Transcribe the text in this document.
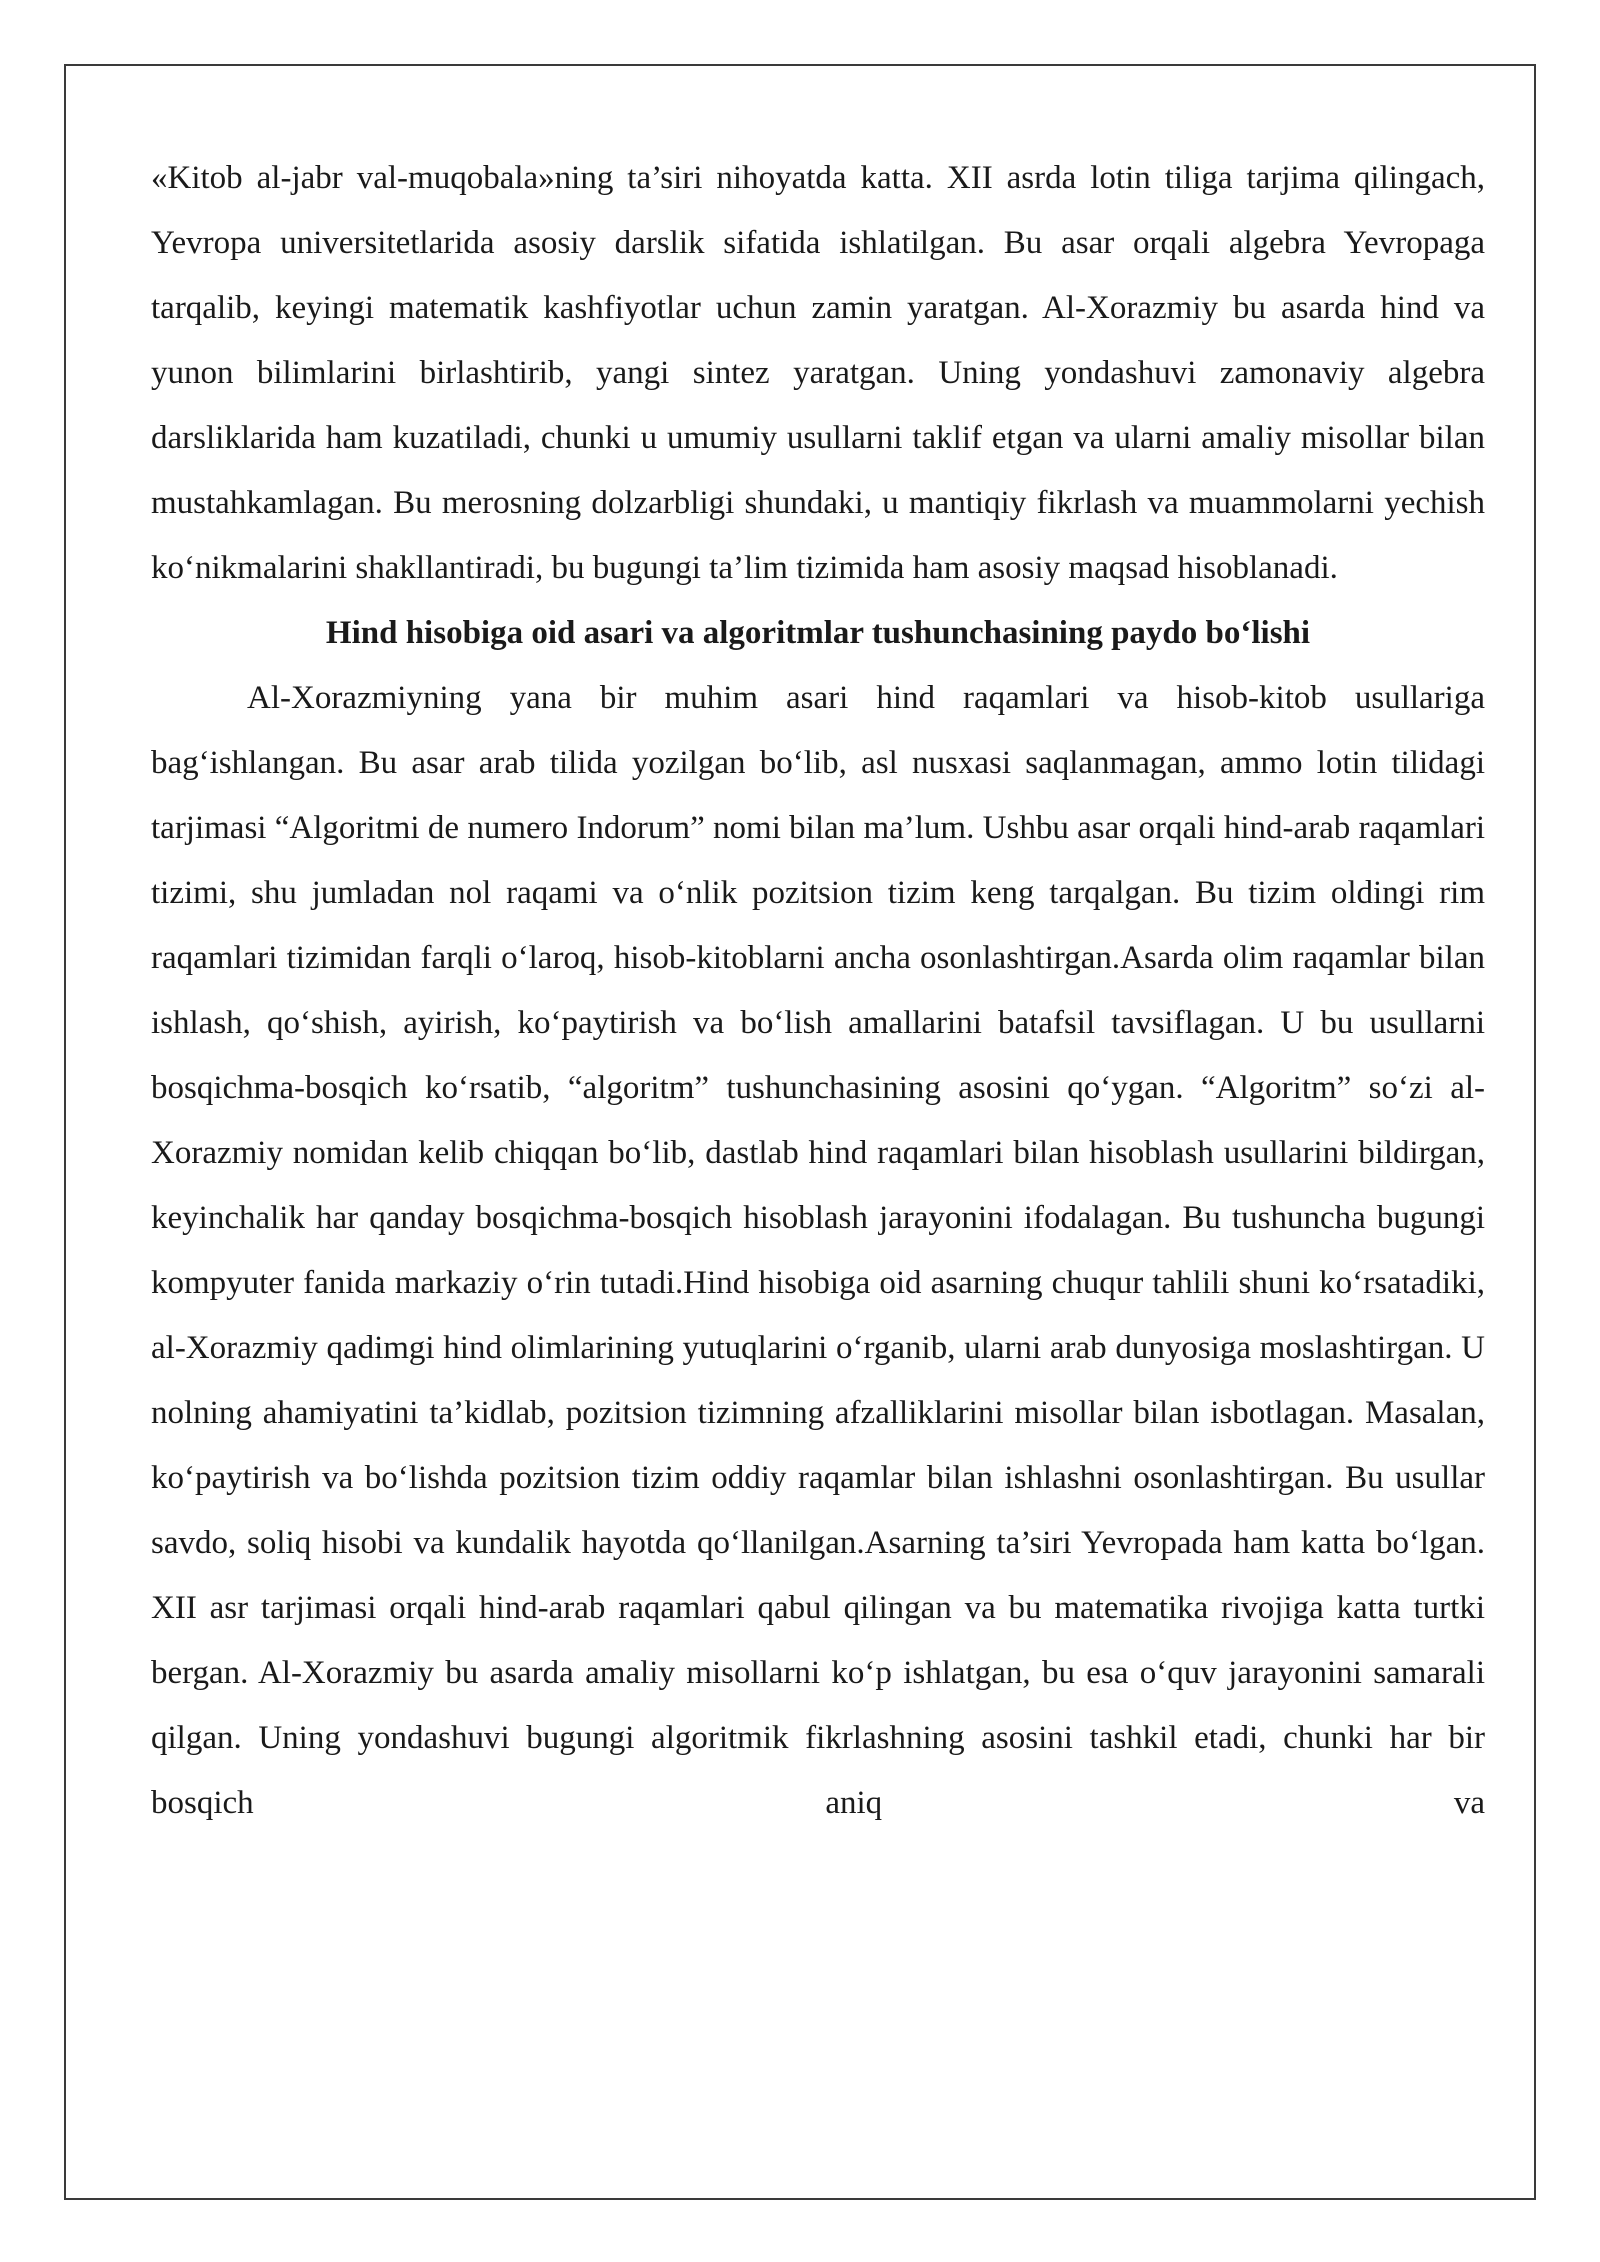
«Kitob al-jabr val-muqobala»ning ta’siri nihoyatda katta. XII asrda lotin tiliga tarjima qilingach, Yevropa universitetlarida asosiy darslik sifatida ishlatilgan. Bu asar orqali algebra Yevropaga tarqalib, keyingi matematik kashfiyotlar uchun zamin yaratgan. Al-Xorazmiy bu asarda hind va yunon bilimlarini birlashtirib, yangi sintez yaratgan. Uning yondashuvi zamonaviy algebra darsliklarida ham kuzatiladi, chunki u umumiy usullarni taklif etgan va ularni amaliy misollar bilan mustahkamlagan. Bu merosning dolzarbligi shundaki, u mantiqiy fikrlash va muammolarni yechish ko‘nikmalarini shakllantiradi, bu bugungi ta’lim tizimida ham asosiy maqsad hisoblanadi.

Hind hisobiga oid asari va algoritmlar tushunchasining paydo bo‘lishi

Al-Xorazmiyning yana bir muhim asari hind raqamlari va hisob-kitob usullariga bag‘ishlangan. Bu asar arab tilida yozilgan bo‘lib, asl nusxasi saqlanmagan, ammo lotin tilidagi tarjimasi “Algoritmi de numero Indorum” nomi bilan ma’lum. Ushbu asar orqali hind-arab raqamlari tizimi, shu jumladan nol raqami va o‘nlik pozitsion tizim keng tarqalgan. Bu tizim oldingi rim raqamlari tizimidan farqli o‘laroq, hisob-kitoblarni ancha osonlashtirgan.Asarda olim raqamlar bilan ishlash, qo‘shish, ayirish, ko‘paytirish va bo‘lish amallarini batafsil tavsiflagan. U bu usullarni bosqichma-bosqich ko‘rsatib, “algoritm” tushunchasining asosini qo‘ygan. “Algoritm” so‘zi al-Xorazmiy nomidan kelib chiqqan bo‘lib, dastlab hind raqamlari bilan hisoblash usullarini bildirgan, keyinchalik har qanday bosqichma-bosqich hisoblash jarayonini ifodalagan. Bu tushuncha bugungi kompyuter fanida markaziy o‘rin tutadi.Hind hisobiga oid asarning chuqur tahlili shuni ko‘rsatadiki, al-Xorazmiy qadimgi hind olimlarining yutuqlarini o‘rganib, ularni arab dunyosiga moslashtirgan. U nolning ahamiyatini ta’kidlab, pozitsion tizimning afzalliklarini misollar bilan isbotlagan. Masalan, ko‘paytirish va bo‘lishda pozitsion tizim oddiy raqamlar bilan ishlashni osonlashtirgan. Bu usullar savdo, soliq hisobi va kundalik hayotda qo‘llanilgan.Asarning ta’siri Yevropada ham katta bo‘lgan. XII asr tarjimasi orqali hind-arab raqamlari qabul qilingan va bu matematika rivojiga katta turtki bergan. Al-Xorazmiy bu asarda amaliy misollarni ko‘p ishlatgan, bu esa o‘quv jarayonini samarali qilgan. Uning yondashuvi bugungi algoritmik fikrlashning asosini tashkil etadi, chunki har bir bosqich aniq va
